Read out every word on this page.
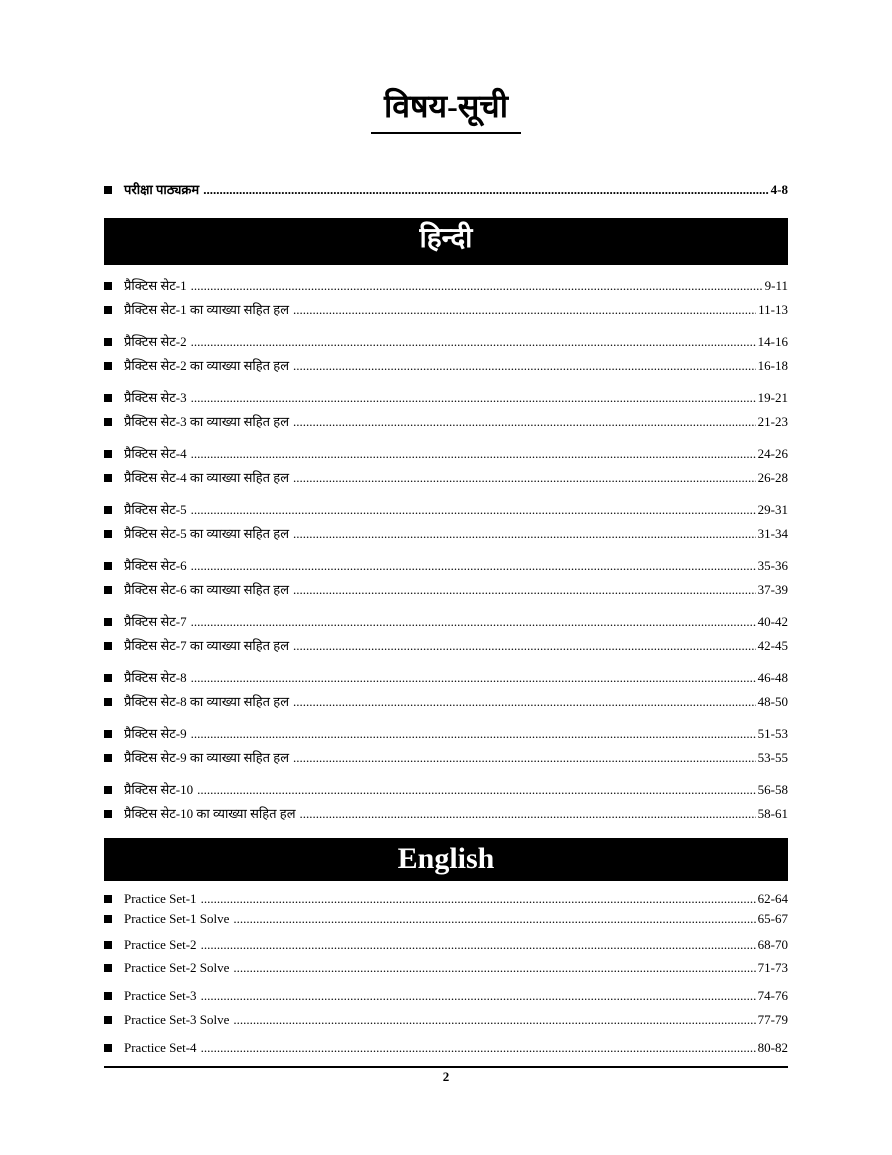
विषय-सूची
परीक्षा पाठ्यक्रम .....	4-8
हिन्दी
प्रैक्टिस सेट-1 .....	9-11
प्रैक्टिस सेट-1 का व्याख्या सहित हल .....	11-13
प्रैक्टिस सेट-2 .....	14-16
प्रैक्टिस सेट-2 का व्याख्या सहित हल .....	16-18
प्रैक्टिस सेट-3 .....	19-21
प्रैक्टिस सेट-3 का व्याख्या सहित हल .....	21-23
प्रैक्टिस सेट-4 .....	24-26
प्रैक्टिस सेट-4 का व्याख्या सहित हल .....	26-28
प्रैक्टिस सेट-5 .....	29-31
प्रैक्टिस सेट-5 का व्याख्या सहित हल .....	31-34
प्रैक्टिस सेट-6 .....	35-36
प्रैक्टिस सेट-6 का व्याख्या सहित हल .....	37-39
प्रैक्टिस सेट-7 .....	40-42
प्रैक्टिस सेट-7 का व्याख्या सहित हल .....	42-45
प्रैक्टिस सेट-8 .....	46-48
प्रैक्टिस सेट-8 का व्याख्या सहित हल .....	48-50
प्रैक्टिस सेट-9 .....	51-53
प्रैक्टिस सेट-9 का व्याख्या सहित हल .....	53-55
प्रैक्टिस सेट-10 .....	56-58
प्रैक्टिस सेट-10 का व्याख्या सहित हल .....	58-61
English
Practice Set-1 .....	62-64
Practice Set-1 Solve .....	65-67
Practice Set-2 .....	68-70
Practice Set-2 Solve .....	71-73
Practice Set-3 .....	74-76
Practice Set-3 Solve .....	77-79
Practice Set-4 .....	80-82
2
